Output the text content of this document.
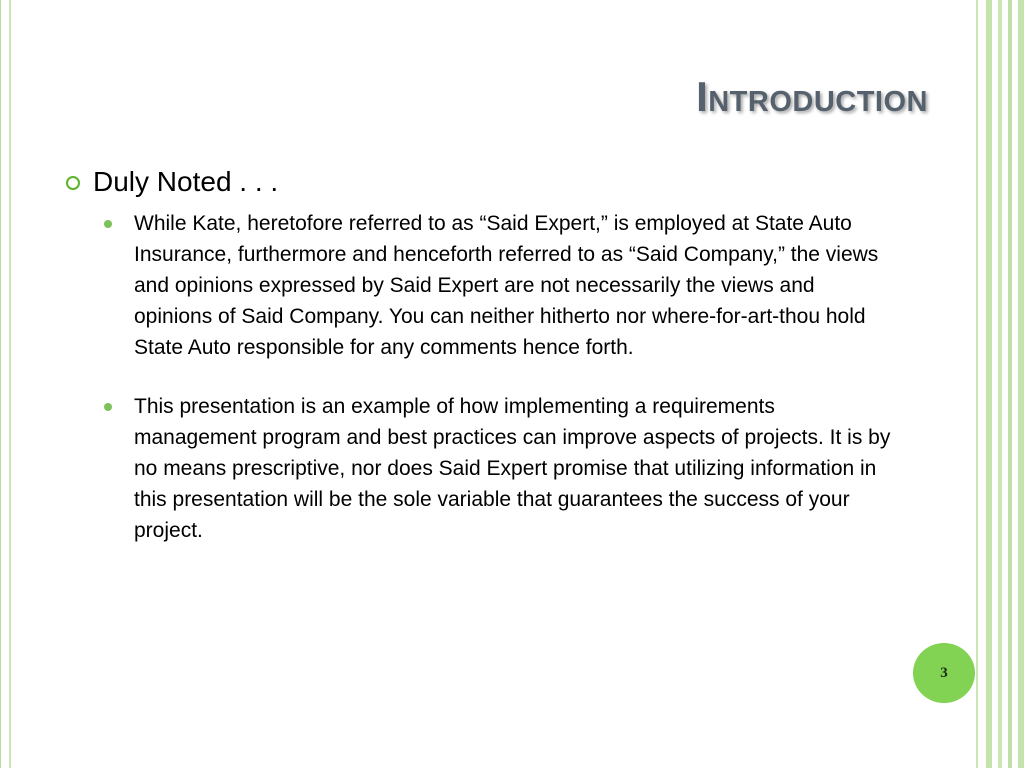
Introduction
Duly Noted . . .
While Kate, heretofore referred to as “Said Expert,” is employed at State Auto Insurance, furthermore and henceforth referred to as “Said Company,” the views and opinions expressed by Said Expert are not necessarily the views and opinions of Said Company. You can neither hitherto nor where-for-art-thou hold State Auto responsible for any comments hence forth.
This presentation is an example of how implementing a requirements management program and best practices can improve aspects of projects. It is by no means prescriptive, nor does Said Expert promise that utilizing information in this presentation will be the sole variable that guarantees the success of your project.
3
